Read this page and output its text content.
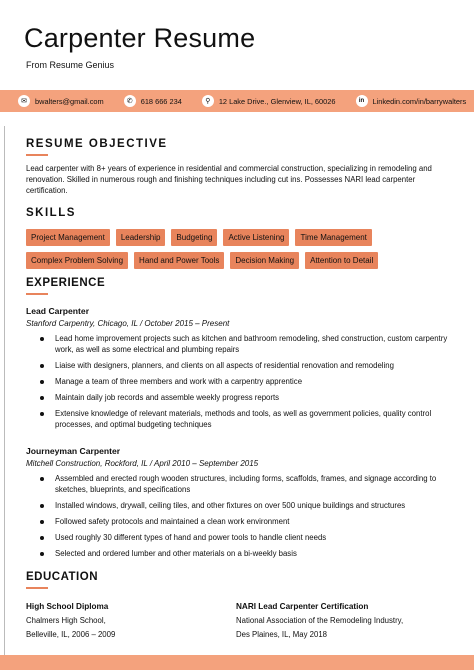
Carpenter Resume
From Resume Genius
✉	bwalters@gmail.com	✆	618 666 234	⚲	12 Lake Drive., Glenview, IL, 60026	in	Linkedin.com/in/barrywalters
RESUME OBJECTIVE
Lead carpenter with 8+ years of experience in residential and commercial construction, specializing in remodeling and renovation. Skilled in numerous rough and finishing techniques including cut ins. Possesses NARI lead carpenter certification.
SKILLS
Project Management	Leadership	Budgeting	Active Listening	Time Management
Complex Problem Solving	Hand and Power Tools	Decision Making	Attention to Detail
EXPERIENCE
Lead Carpenter
Stanford Carpentry, Chicago, IL / October 2015 – Present
Lead home improvement projects such as kitchen and bathroom remodeling, shed construction, custom carpentry work, as well as some electrical and plumbing repairs
Liaise with designers, planners, and clients on all aspects of residential renovation and remodeling
Manage a team of three members and work with a carpentry apprentice
Maintain daily job records and assemble weekly progress reports
Extensive knowledge of relevant materials, methods and tools, as well as government policies, quality control processes, and optimal budgeting techniques
Journeyman Carpenter
Mitchell Construction, Rockford, IL / April 2010 – September 2015
Assembled and erected rough wooden structures, including forms, scaffolds, frames, and signage according to sketches, blueprints, and specifications
Installed windows, drywall, ceiling tiles, and other fixtures on over 500 unique buildings and structures
Followed safety protocols and maintained a clean work environment
Used roughly 30 different types of hand and power tools to handle client needs
Selected and ordered lumber and other materials on a bi-weekly basis
EDUCATION
High School Diploma
Chalmers High School,
Belleville, IL, 2006 – 2009
NARI Lead Carpenter Certification
National Association of the Remodeling Industry,
Des Plaines, IL, May 2018
